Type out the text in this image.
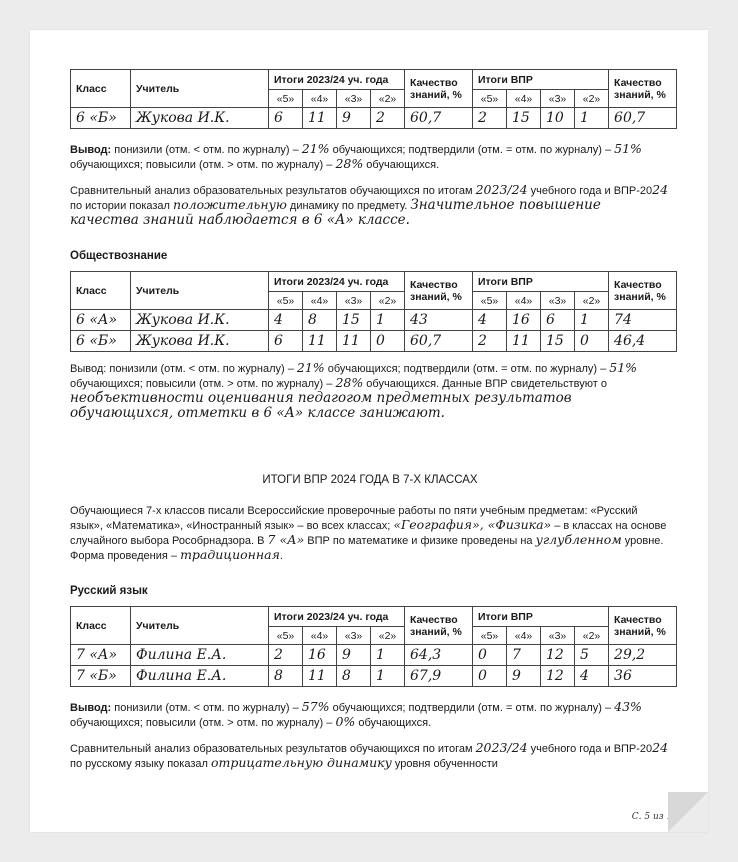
Класс	Учитель	Итоги 2023/24 уч. года				Качество знаний, %	Итоги ВПР				Качество знаний, %
		«5»	«4»	«3»	«2»		«5»	«4»	«3»	«2»	
6 «Б»	Жукова И.К.	6	11	9	2	60,7	2	15	10	1	60,7

Вывод: понизили (отм. < отм. по журналу) – 21% обучающихся; подтвердили (отм. = отм. по журналу) – 51% обучающихся; повысили (отм. > отм. по журналу) – 28% обучающихся.

Сравнительный анализ образовательных результатов обучающихся по итогам 2023/24 учебного года и ВПР-2024 по истории показал положительную динамику по предмету. Значительное повышение качества знаний наблюдается в 6 «А» классе.

Обществознание

Класс	Учитель	Итоги 2023/24 уч. года				Качество знаний, %	Итоги ВПР				Качество знаний, %
		«5»	«4»	«3»	«2»		«5»	«4»	«3»	«2»	
6 «А»	Жукова И.К.	4	8	15	1	43	4	16	6	1	74
6 «Б»	Жукова И.К.	6	11	11	0	60,7	2	11	15	0	46,4

Вывод: понизили (отм. < отм. по журналу) – 21% обучающихся; подтвердили (отм. = отм. по журналу) – 51% обучающихся; повысили (отм. > отм. по журналу) – 28% обучающихся. Данные ВПР свидетельствуют о необъективности оценивания педагогом предметных результатов обучающихся, отметки в 6 «А» классе занижают.

ИТОГИ ВПР 2024 ГОДА В 7-Х КЛАССАХ

Обучающиеся 7-х классов писали Всероссийские проверочные работы по пяти учебным предметам: «Русский язык», «Математика», «Иностранный язык» – во всех классах; «География», «Физика» – в классах на основе случайного выбора Рособрнадзора. В 7 «А» ВПР по математике и физике проведены на углубленном уровне. Форма проведения – традиционная.

Русский язык

Класс	Учитель	Итоги 2023/24 уч. года				Качество знаний, %	Итоги ВПР				Качество знаний, %
		«5»	«4»	«3»	«2»		«5»	«4»	«3»	«2»	
7 «А»	Филина Е.А.	2	16	9	1	64,3	0	7	12	5	29,2
7 «Б»	Филина Е.А.	8	11	8	1	67,9	0	9	12	4	36

Вывод: понизили (отм. < отм. по журналу) – 57% обучающихся; подтвердили (отм. = отм. по журналу) – 43% обучающихся; повысили (отм. > отм. по журналу) – 0% обучающихся.

Сравнительный анализ образовательных результатов обучающихся по итогам 2023/24 учебного года и ВПР-2024 по русскому языку показал отрицательную динамику уровня обученности

С. 5 из 10
